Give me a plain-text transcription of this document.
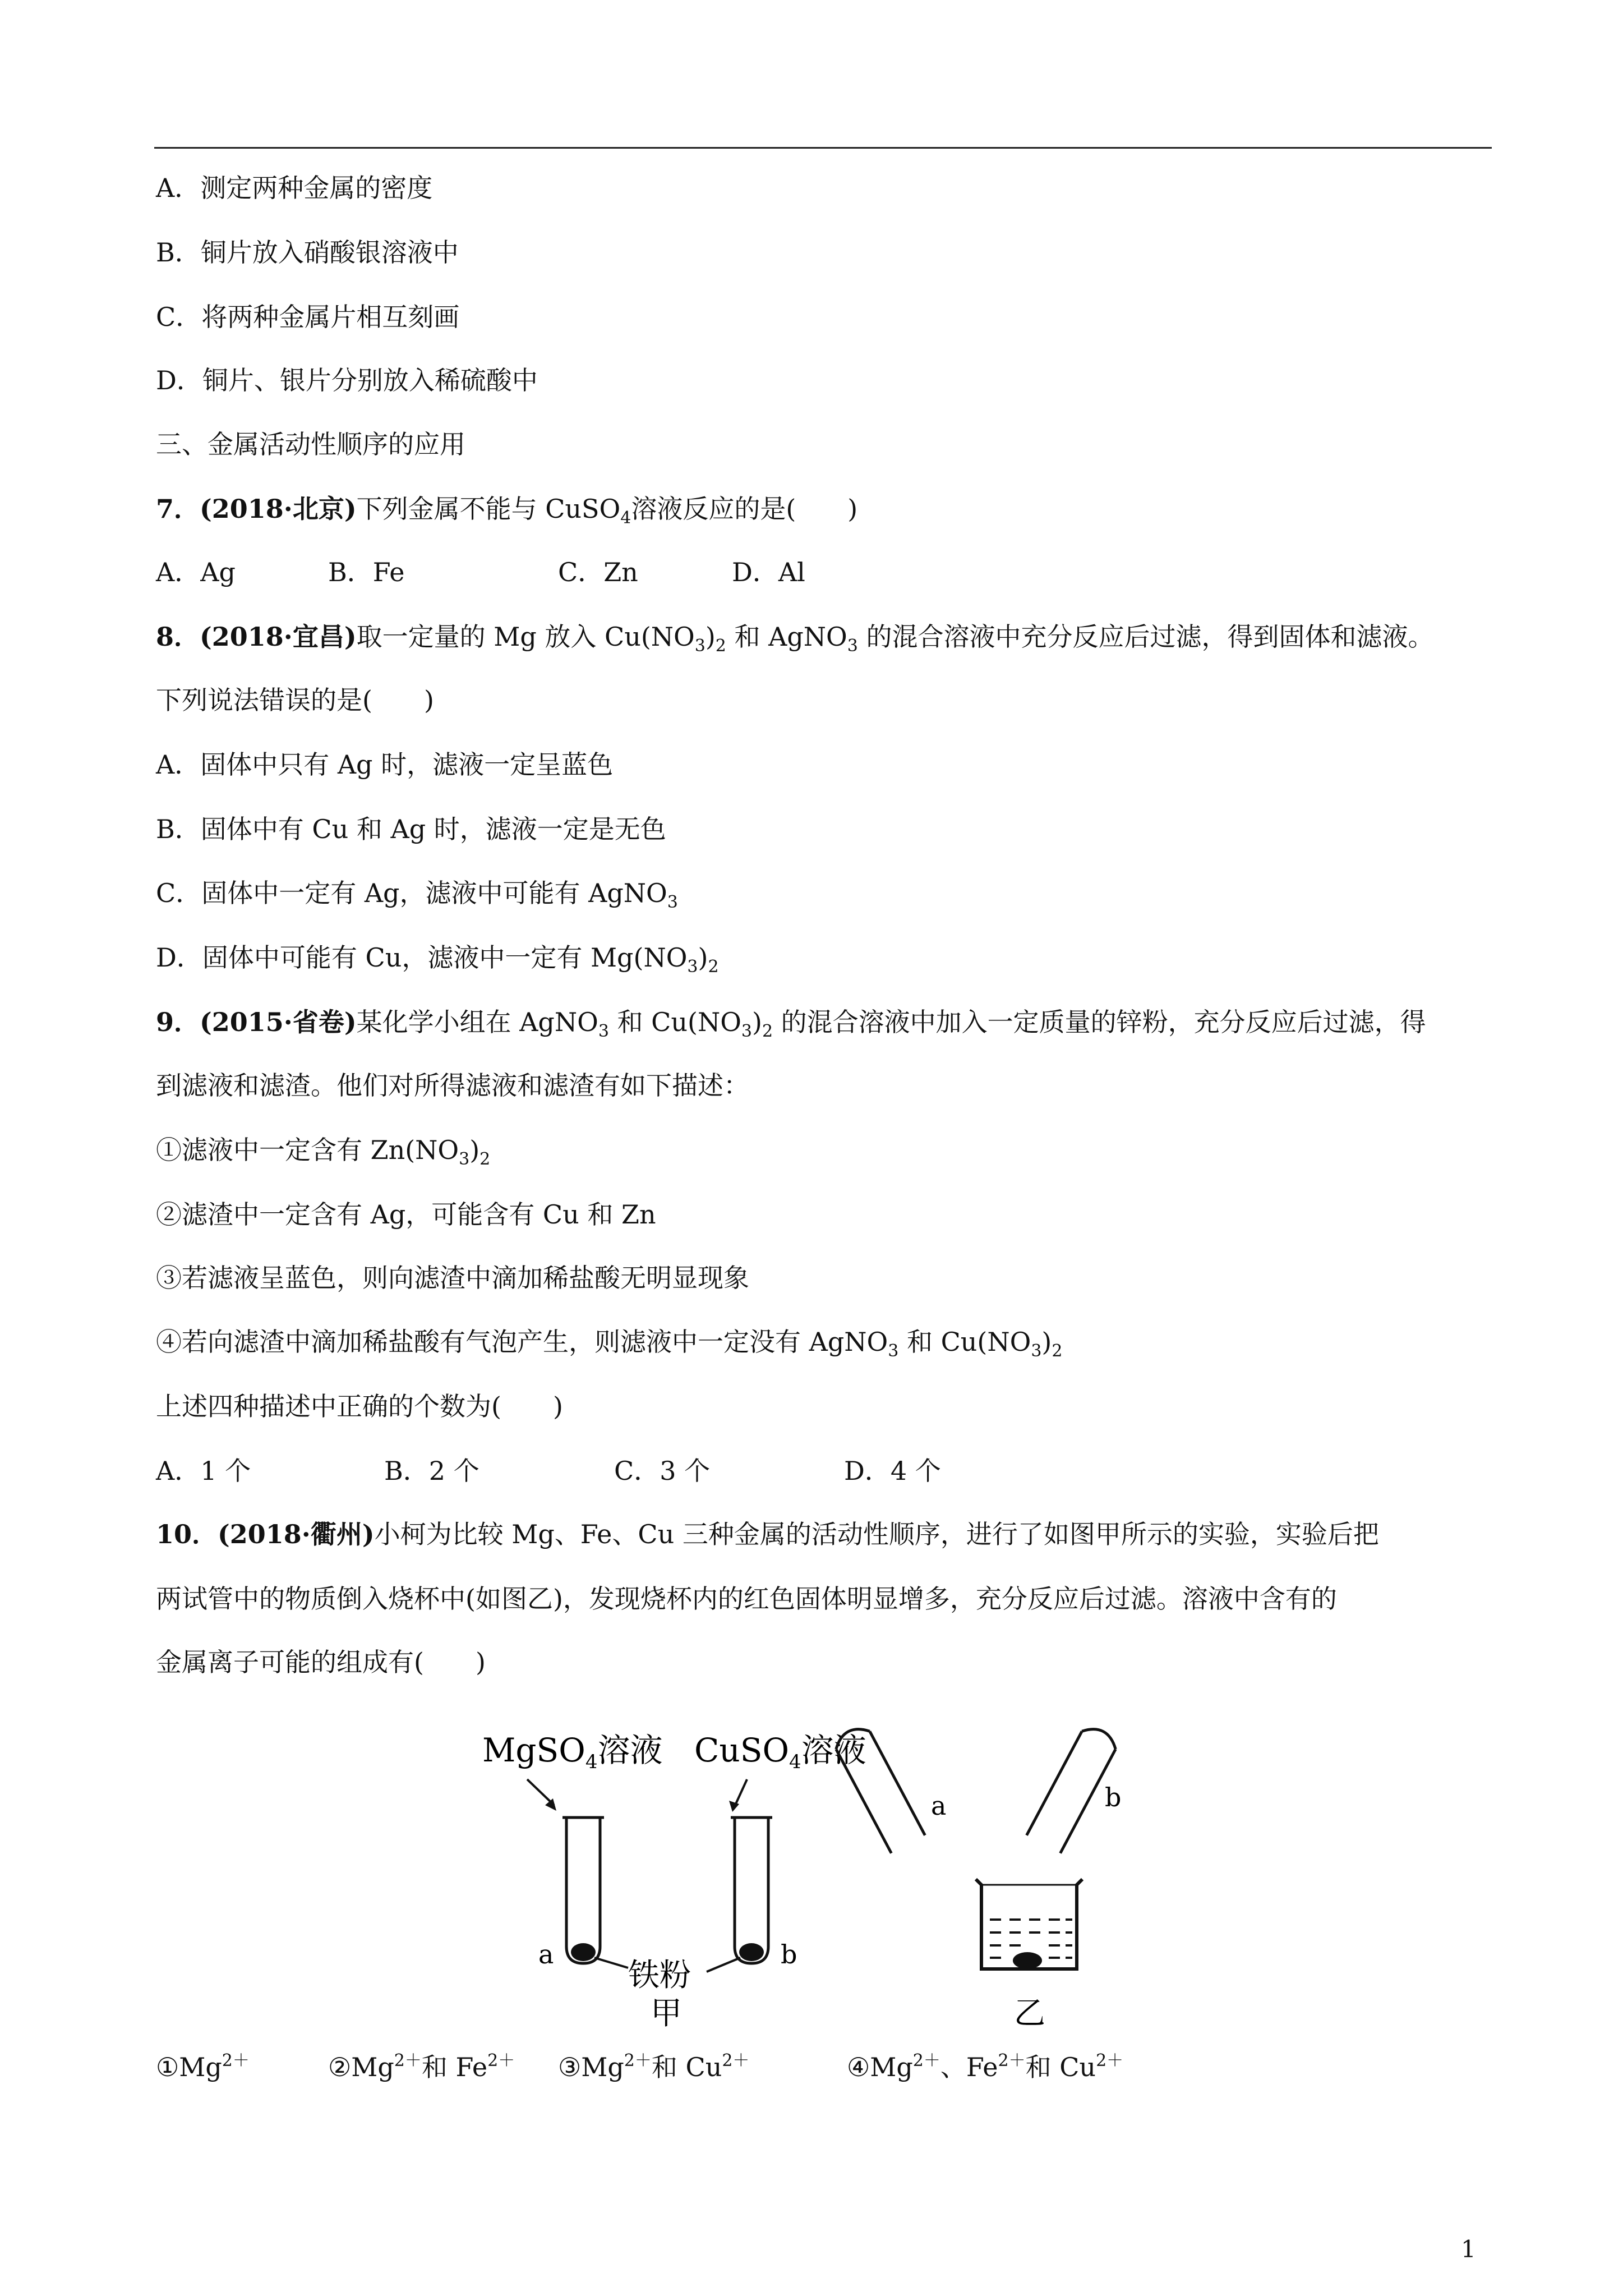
A．测定两种金属的密度
B．铜片放入硝酸银溶液中
C．将两种金属片相互刻画
D．铜片、银片分别放入稀硫酸中
三、金属活动性顺序的应用
7．(2018·北京)下列金属不能与 CuSO$_4$溶液反应的是(　　)
A．Ag	B．Fe	C．Zn	D．Al
8．(2018·宜昌)取一定量的 Mg 放入 $Cu(NO_3)_2$ 和 AgNO$_3$ 的混合溶液中充分反应后过滤，得到固体和滤液。
下列说法错误的是(　　)
A．固体中只有 Ag 时，滤液一定呈蓝色
B．固体中有 Cu 和 Ag 时，滤液一定是无色
C．固体中一定有 Ag，滤液中可能有 AgNO$_3$
D．固体中可能有 Cu，滤液中一定有 $Mg(NO_3)_2$
9．(2015·省卷)某化学小组在 AgNO$_3$ 和 $Cu(NO_3)_2$ 的混合溶液中加入一定质量的锌粉，充分反应后过滤，得
到滤液和滤渣。他们对所得滤液和滤渣有如下描述：
①滤液中一定含有 $Zn(NO_3)_2$
②滤渣中一定含有 Ag，可能含有 Cu 和 Zn
③若滤液呈蓝色，则向滤渣中滴加稀盐酸无明显现象
④若向滤渣中滴加稀盐酸有气泡产生，则滤液中一定没有 AgNO$_3$ 和 $Cu(NO_3)_2$
上述四种描述中正确的个数为(　　)
A．1 个	B．2 个	C．3 个	D．4 个
10．(2018·衢州)小柯为比较 Mg、Fe、Cu 三种金属的活动性顺序，进行了如图甲所示的实验，实验后把
两试管中的物质倒入烧杯中(如图乙)，发现烧杯内的红色固体明显增多，充分反应后过滤。溶液中含有的
金属离子可能的组成有(　　)
MgSO$_4$溶液 CuSO$_4$溶液
a	b
铁粉
甲
a	b
乙
$①Mg^{2+}$	$②Mg^{2+}$和 $Fe^{2+}$ $③Mg^{2+}$和 $Cu^{2+}$	$④Mg^{2+}$、$Fe^{2+}$和 $Cu^{2+}$
1
